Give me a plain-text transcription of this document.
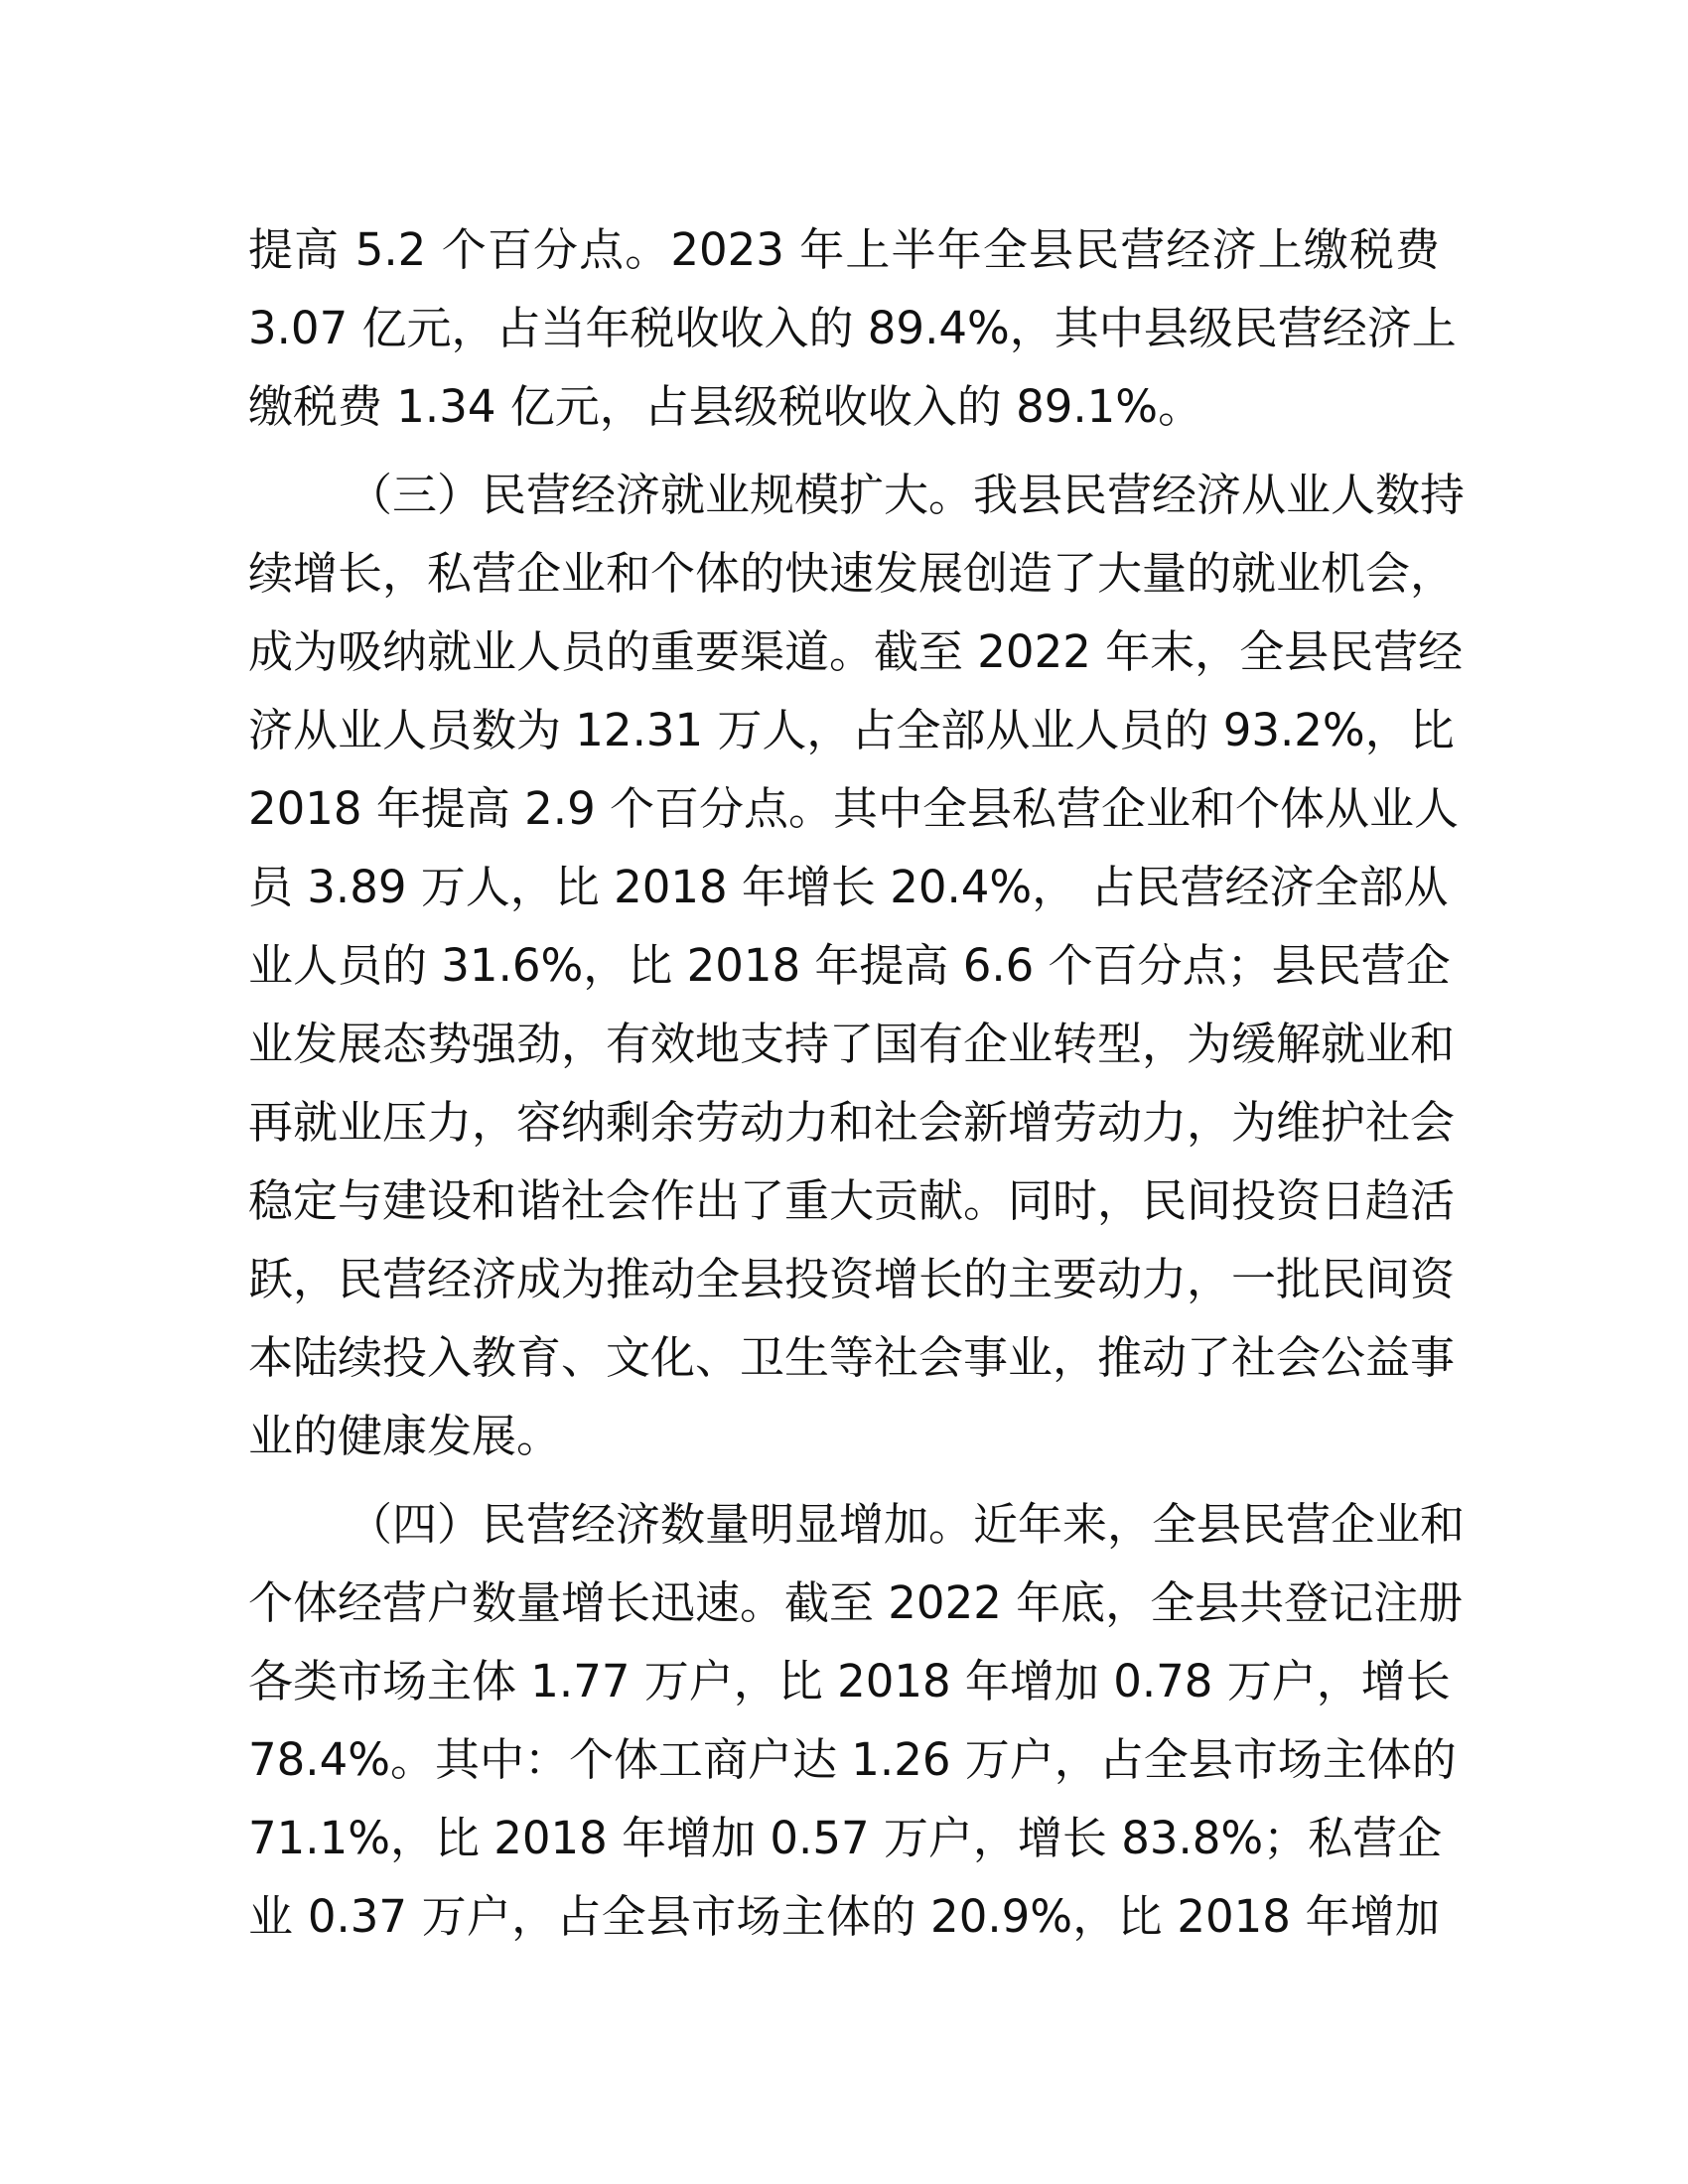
提高 5.2 个百分点。2023 年上半年全县民营经济上缴税费
3.07 亿元，占当年税收收入的 89.4%，其中县级民营经济上
缴税费 1.34 亿元，占县级税收收入的 89.1%。
（三）民营经济就业规模扩大。我县民营经济从业人数持
续增长，私营企业和个体的快速发展创造了大量的就业机会，
成为吸纳就业人员的重要渠道。截至 2022 年末，全县民营经
济从业人员数为 12.31 万人，占全部从业人员的 93.2%，比
2018 年提高 2.9 个百分点。其中全县私营企业和个体从业人
员 3.89 万人，比 2018 年增长 20.4%， 占民营经济全部从
业人员的 31.6%，比 2018 年提高 6.6 个百分点；县民营企
业发展态势强劲，有效地支持了国有企业转型，为缓解就业和
再就业压力，容纳剩余劳动力和社会新增劳动力，为维护社会
稳定与建设和谐社会作出了重大贡献。同时，民间投资日趋活
跃，民营经济成为推动全县投资增长的主要动力，一批民间资
本陆续投入教育、文化、卫生等社会事业，推动了社会公益事
业的健康发展。
（四）民营经济数量明显增加。近年来，全县民营企业和
个体经营户数量增长迅速。截至 2022 年底，全县共登记注册
各类市场主体 1.77 万户，比 2018 年增加 0.78 万户，增长
78.4%。其中：个体工商户达 1.26 万户，占全县市场主体的
71.1%，比 2018 年增加 0.57 万户，增长 83.8%；私营企
业 0.37 万户，占全县市场主体的 20.9%，比 2018 年增加
